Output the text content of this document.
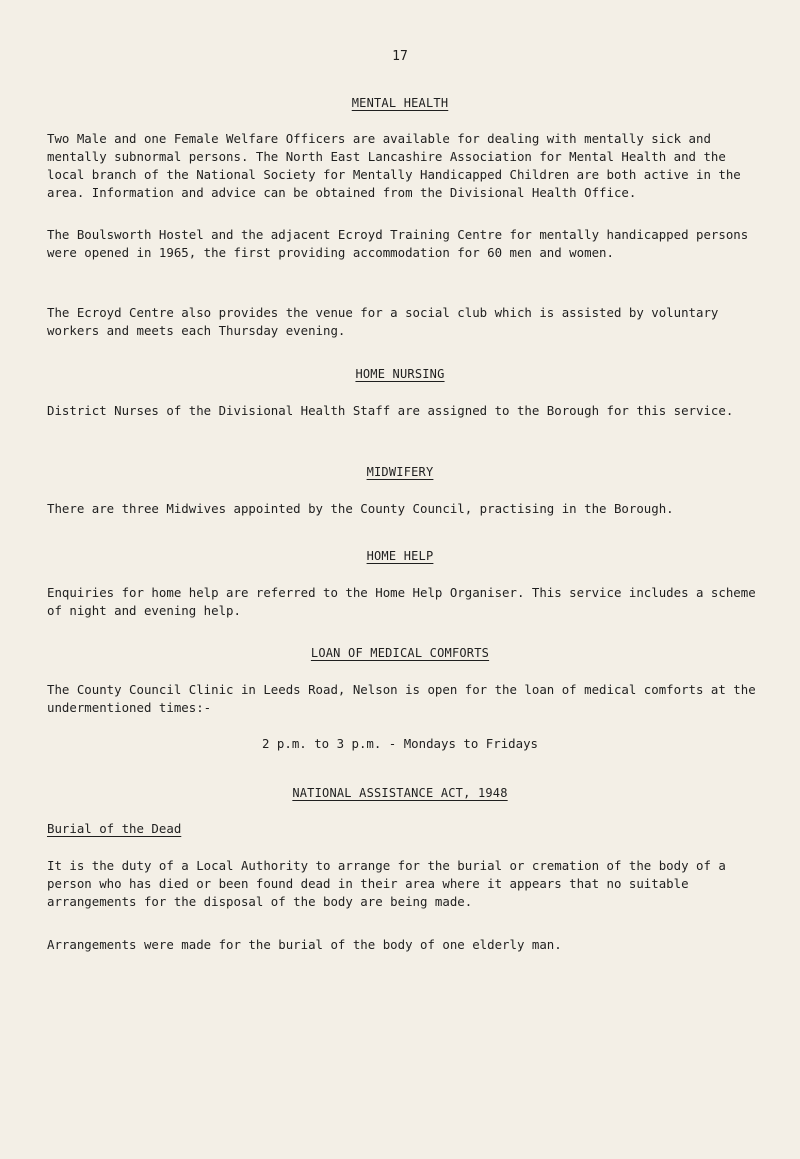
17
MENTAL HEALTH

Two Male and one Female Welfare Officers are available for dealing with mentally sick and mentally subnormal persons. The North East Lancashire Association for Mental Health and the local branch of the National Society for Mentally Handicapped Children are both active in the area. Information and advice can be obtained from the Divisional Health Office.

The Boulsworth Hostel and the adjacent Ecroyd Training Centre for mentally handicapped persons were opened in 1965, the first providing accommodation for 60 men and women.

The Ecroyd Centre also provides the venue for a social club which is assisted by voluntary workers and meets each Thursday evening.

HOME NURSING

District Nurses of the Divisional Health Staff are assigned to the Borough for this service.

MIDWIFERY

There are three Midwives appointed by the County Council, practising in the Borough.

HOME HELP

Enquiries for home help are referred to the Home Help Organiser. This service includes a scheme of night and evening help.

LOAN OF MEDICAL COMFORTS

The County Council Clinic in Leeds Road, Nelson is open for the loan of medical comforts at the undermentioned times:-

2 p.m. to 3 p.m. - Mondays to Fridays
NATIONAL ASSISTANCE ACT, 1948
Burial of the Dead

It is the duty of a Local Authority to arrange for the burial or cremation of the body of a person who has died or been found dead in their area where it appears that no suitable arrangements for the disposal of the body are being made.

Arrangements were made for the burial of the body of one elderly man.
